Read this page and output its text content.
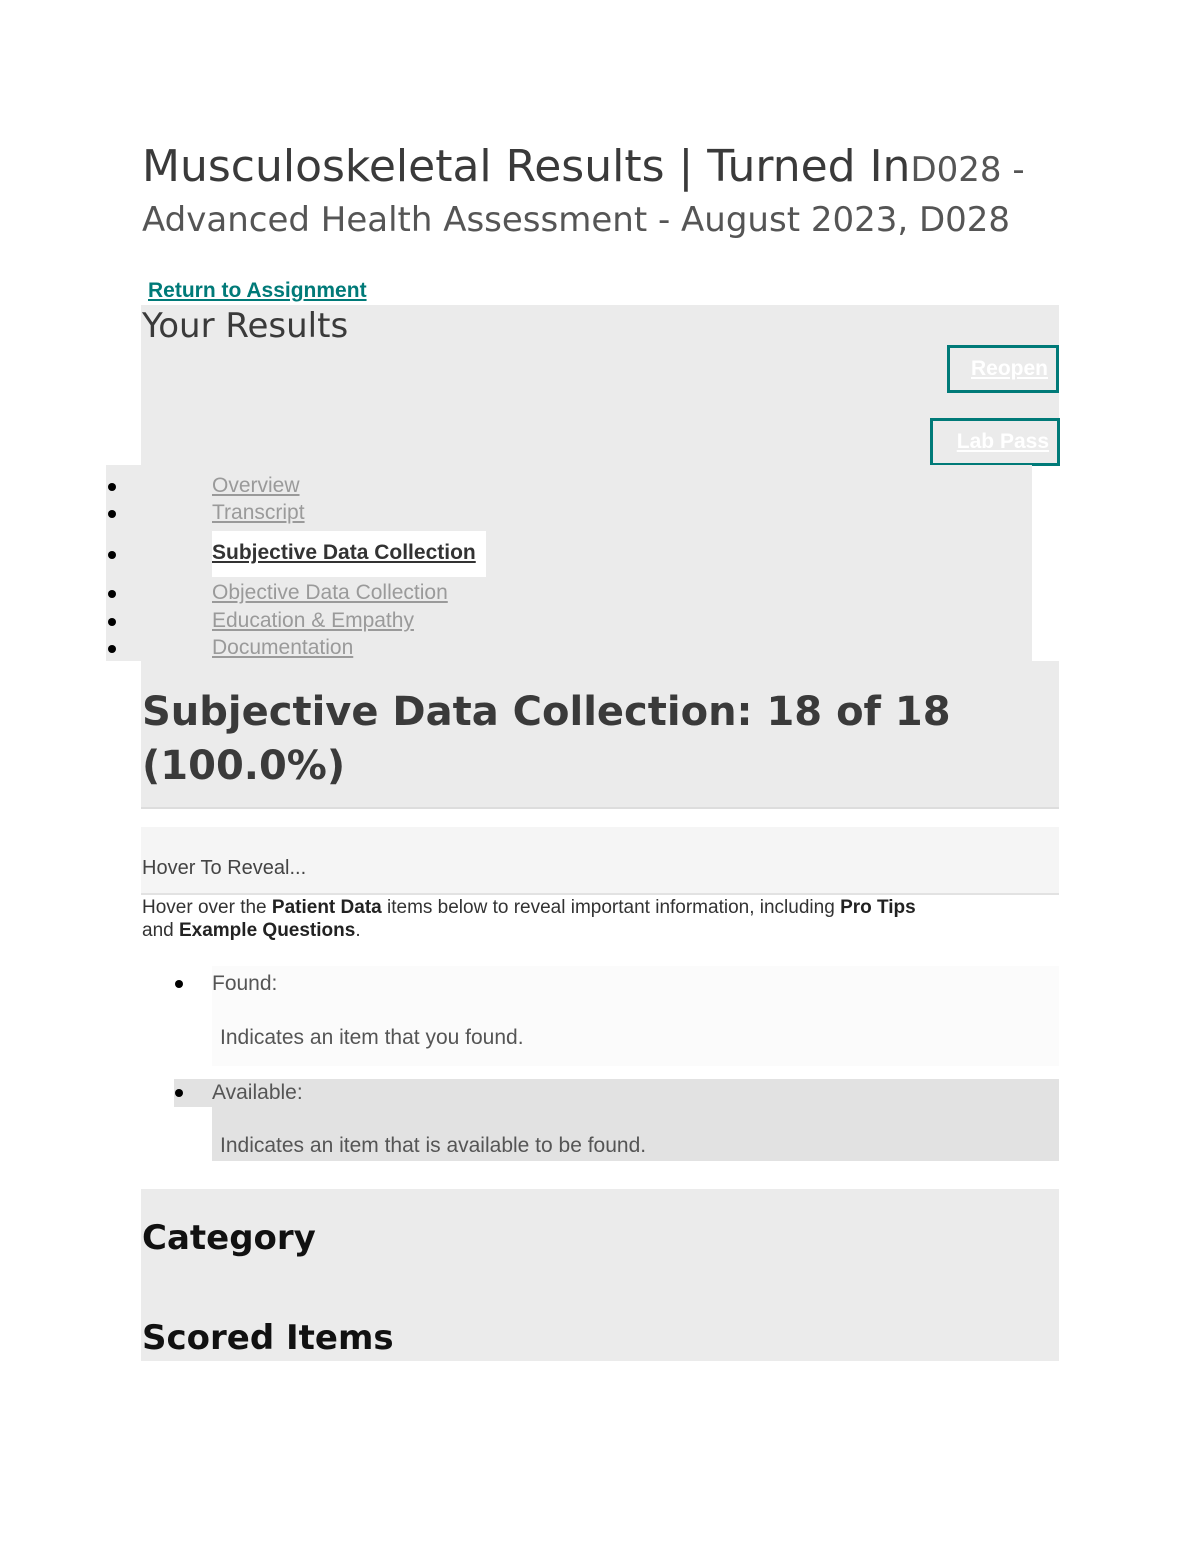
Musculoskeletal Results | Turned InD028 - Advanced Health Assessment - August 2023, D028
Return to Assignment
Your Results
Reopen
Lab Pass
Overview
Transcript
Subjective Data Collection
Objective Data Collection
Education & Empathy
Documentation
Subjective Data Collection: 18 of 18 (100.0%)
Hover To Reveal...
Hover over the Patient Data items below to reveal important information, including Pro Tips and Example Questions.
Found:
Indicates an item that you found.
Available:
Indicates an item that is available to be found.
Category
Scored Items
